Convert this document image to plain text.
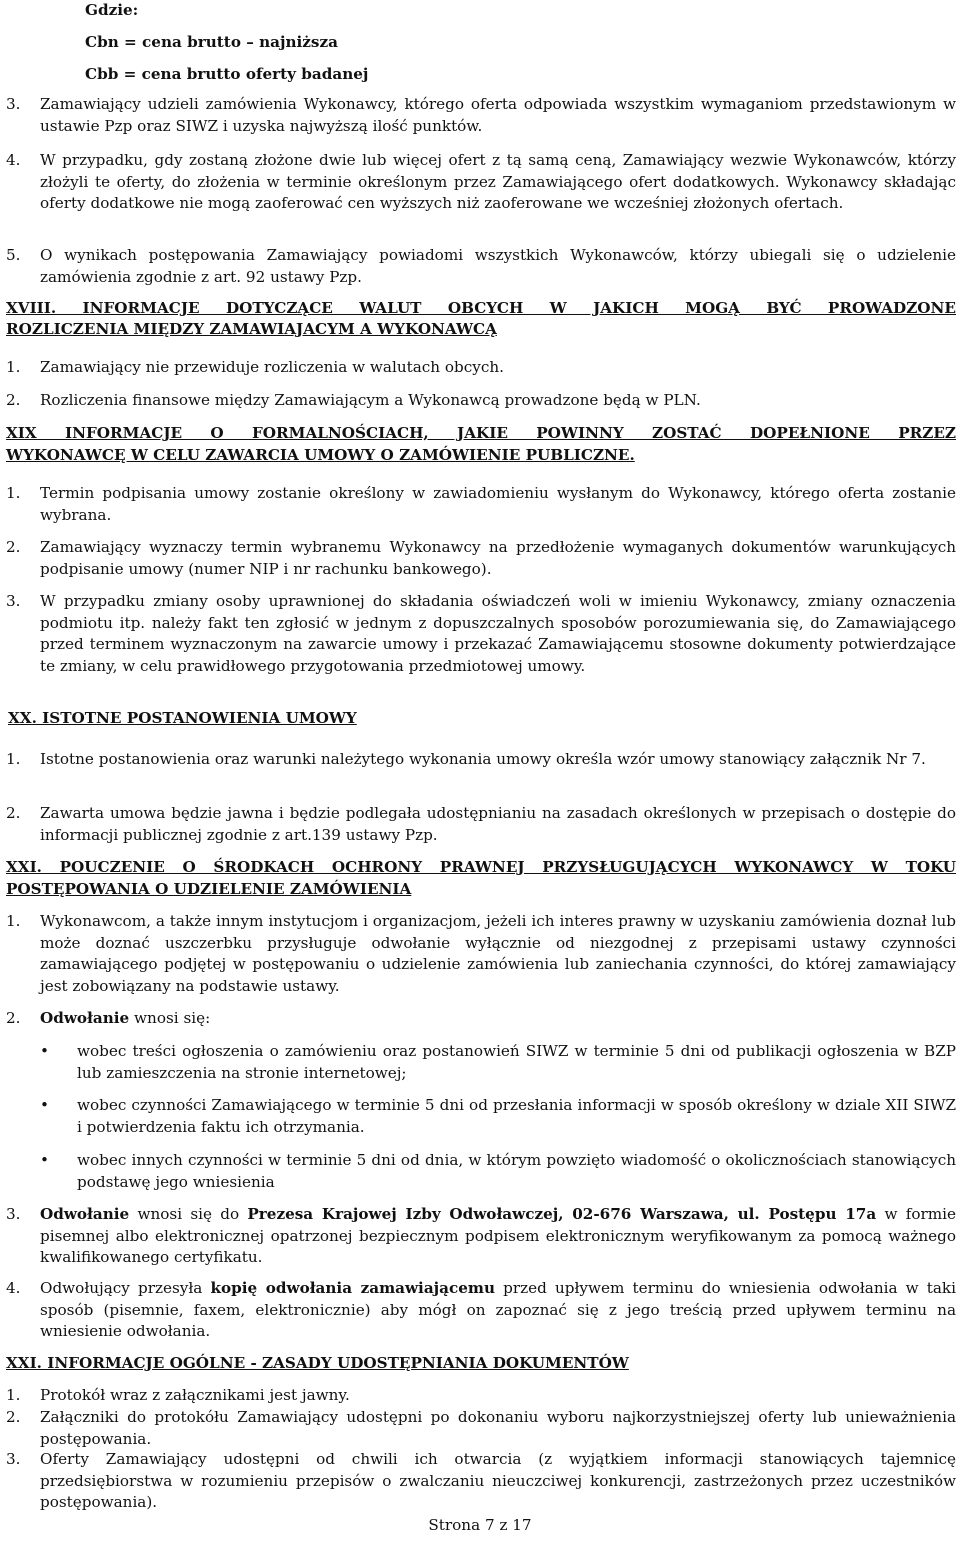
Gdzie:
Cbn = cena brutto – najniższa
Cbb = cena brutto oferty badanej
3.	Zamawiający udzieli zamówienia Wykonawcy, którego oferta odpowiada wszystkim wymaganiom przedstawionym w ustawie Pzp oraz SIWZ i uzyska najwyższą ilość punktów.
4.	W przypadku, gdy zostaną złożone dwie lub więcej ofert z tą samą ceną, Zamawiający wezwie Wykonawców, którzy złożyli te oferty, do złożenia w terminie określonym przez Zamawiającego ofert dodatkowych. Wykonawcy składając oferty dodatkowe nie mogą zaoferować cen wyższych niż zaoferowane we wcześniej złożonych ofertach.
5.	O wynikach postępowania Zamawiający powiadomi wszystkich Wykonawców, którzy ubiegali się o udzielenie zamówienia zgodnie z art. 92 ustawy Pzp.
XVIII. INFORMACJE DOTYCZĄCE WALUT OBCYCH W JAKICH MOGĄ BYĆ PROWADZONE
ROZLICZENIA MIĘDZY ZAMAWIAJACYM A WYKONAWCĄ
1.	Zamawiający nie przewiduje rozliczenia w walutach obcych.
2.	Rozliczenia finansowe między Zamawiającym a Wykonawcą prowadzone będą w PLN.
XIX INFORMACJE O FORMALNOŚCIACH, JAKIE POWINNY ZOSTAĆ DOPEŁNIONE PRZEZ
WYKONAWCĘ W CELU ZAWARCIA UMOWY O ZAMÓWIENIE PUBLICZNE.
1.	Termin podpisania umowy zostanie określony w zawiadomieniu wysłanym do Wykonawcy, którego oferta zostanie wybrana.
2.	Zamawiający wyznaczy termin wybranemu Wykonawcy na przedłożenie wymaganych dokumentów warunkujących podpisanie umowy (numer NIP i nr rachunku bankowego).
3.	W przypadku zmiany osoby uprawnionej do składania oświadczeń woli w imieniu Wykonawcy, zmiany oznaczenia podmiotu itp. należy fakt ten zgłosić w jednym z dopuszczalnych sposobów porozumiewania się, do Zamawiającego przed terminem wyznaczonym na zawarcie umowy i przekazać Zamawiającemu stosowne dokumenty potwierdzające te zmiany, w celu prawidłowego przygotowania przedmiotowej umowy.
XX. ISTOTNE POSTANOWIENIA UMOWY
1.	Istotne postanowienia oraz warunki należytego wykonania umowy określa wzór umowy stanowiący załącznik Nr 7.
2.	Zawarta umowa będzie jawna i będzie podlegała udostępnianiu na zasadach określonych w przepisach o dostępie do informacji publicznej zgodnie z art.139 ustawy Pzp.
XXI. POUCZENIE O ŚRODKACH OCHRONY PRAWNEJ PRZYSŁUGUJĄCYCH WYKONAWCY W TOKU
POSTĘPOWANIA O UDZIELENIE ZAMÓWIENIA
1.	Wykonawcom, a także innym instytucjom i organizacjom, jeżeli ich interes prawny w uzyskaniu zamówienia doznał lub może doznać uszczerbku przysługuje odwołanie wyłącznie od niezgodnej z przepisami ustawy czynności zamawiającego podjętej w postępowaniu o udzielenie zamówienia lub zaniechania czynności, do której zamawiający jest zobowiązany na podstawie ustawy.
2.	Odwołanie wnosi się:
•	wobec treści ogłoszenia o zamówieniu oraz postanowień SIWZ w terminie 5 dni od publikacji ogłoszenia w BZP lub zamieszczenia na stronie internetowej;
•	wobec czynności Zamawiającego w terminie 5 dni od przesłania informacji w sposób określony w dziale XII SIWZ i potwierdzenia faktu ich otrzymania.
•	wobec innych czynności w terminie 5 dni od dnia, w którym powzięto wiadomość o okolicznościach stanowiących podstawę jego wniesienia
3.	Odwołanie wnosi się do Prezesa Krajowej Izby Odwoławczej, 02-676 Warszawa, ul. Postępu 17a w formie pisemnej albo elektronicznej opatrzonej bezpiecznym podpisem elektronicznym weryfikowanym za pomocą ważnego kwalifikowanego certyfikatu.
4.	Odwołujący przesyła kopię odwołania zamawiającemu przed upływem terminu do wniesienia odwołania w taki sposób (pisemnie, faxem, elektronicznie) aby mógł on zapoznać się z jego treścią przed upływem terminu na wniesienie odwołania.
XXI. INFORMACJE OGÓLNE - ZASADY UDOSTĘPNIANIA DOKUMENTÓW
1.	Protokół wraz z załącznikami jest jawny.
2.	Załączniki do protokółu Zamawiający udostępni po dokonaniu wyboru najkorzystniejszej oferty lub unieważnienia postępowania.
3.	Oferty Zamawiający udostępni od chwili ich otwarcia (z wyjątkiem informacji stanowiących tajemnicę przedsiębiorstwa w rozumieniu przepisów o zwalczaniu nieuczciwej konkurencji, zastrzeżonych przez uczestników postępowania).
Strona 7 z 17
